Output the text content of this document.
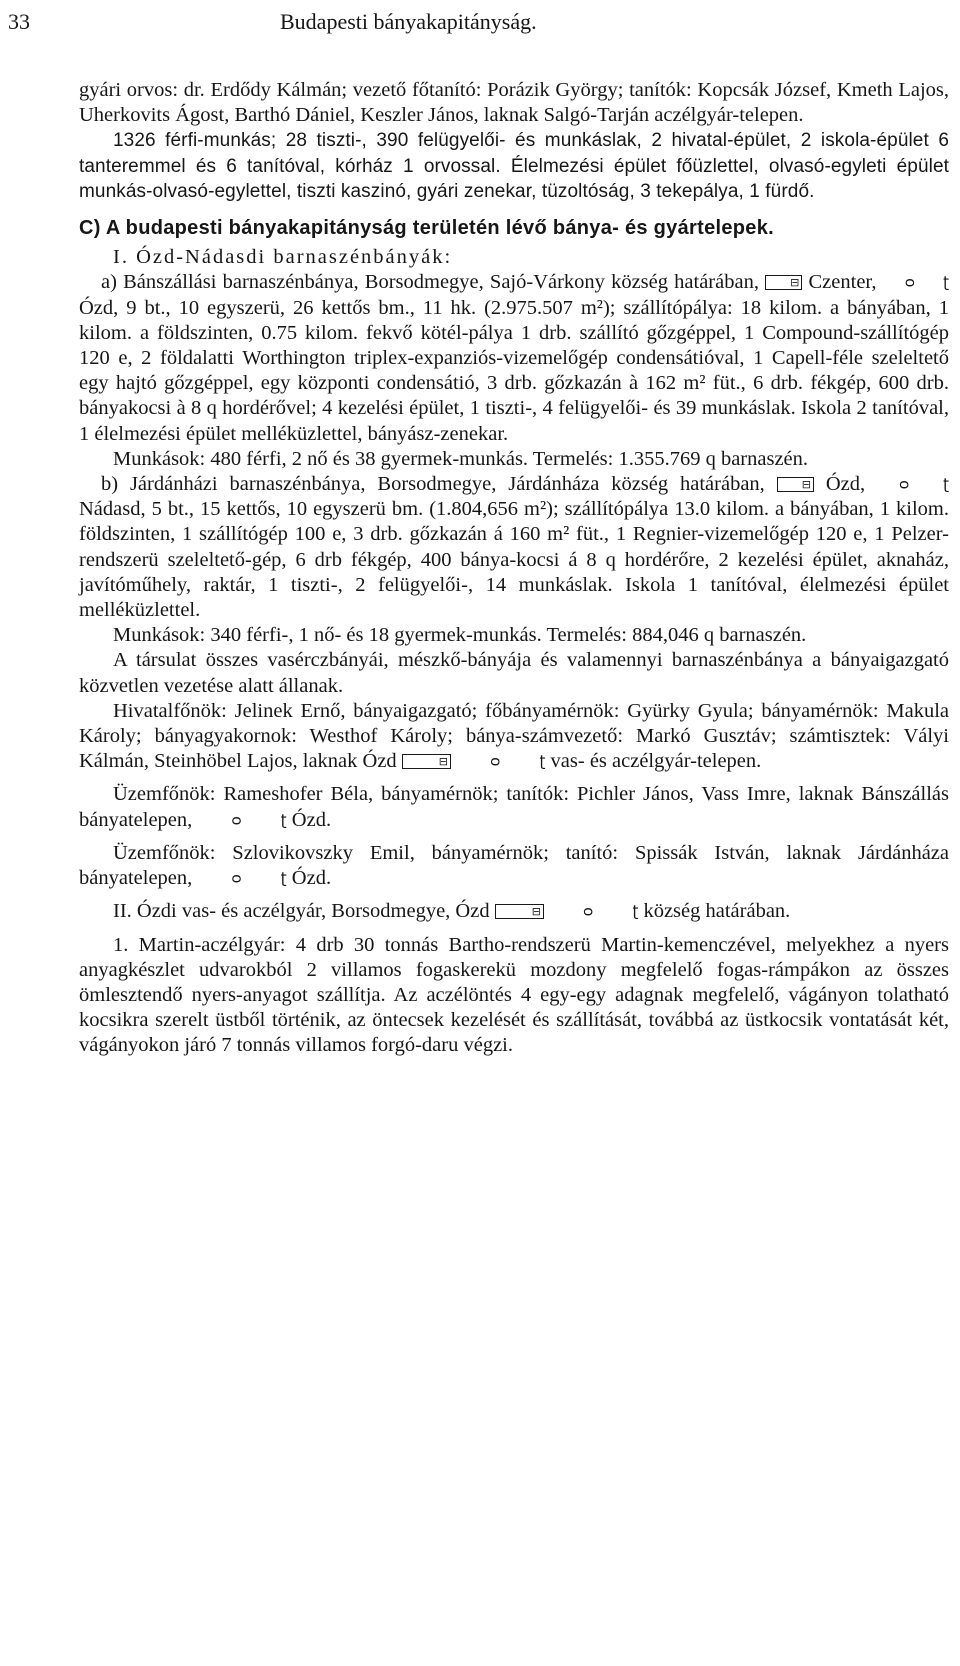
33	Budapesti bányakapitányság.

gyári orvos: dr. Erdődy Kálmán; vezető főtanító: Porázik György; tanítók: Kopcsák József, Kmeth Lajos, Uherkovits Ágost, Barthó Dániel, Keszler János, laknak Salgó-Tarján aczélgyár-telepen.

1326 férfi-munkás; 28 tiszti-, 390 felügyelői- és munkáslak, 2 hivatal-épület, 2 iskola-épület 6 tanteremmel és 6 tanítóval, kórház 1 orvossal. Élelmezési épület főüzlettel, olvasó-egyleti épület munkás-olvasó-egylettel, tiszti kaszinó, gyári zenekar, tüzoltóság, 3 tekepálya, 1 fürdő.

C) A budapesti bányakapitányság területén lévő bánya- és gyártelepek.

I. Ózd-Nádasdi barnaszénbányák:

a) Bánszállási barnaszénbánya, Borsodmegye, Sajó-Várkony község határában,	⊟ Czenter, ᴑ ʈ Ózd, 9 bt., 10 egyszerü, 26 kettős bm., 11 hk. (2.975.507 m²); szállítópálya: 18 kilom. a bányában, 1 kilom. a földszinten, 0.75 kilom. fekvő kötél-pálya 1 drb. szállító gőzgéppel, 1 Compound-szállítógép 120 e, 2 földalatti Worthington triplex-expanziós-vizemelőgép condensátióval, 1 Capell-féle szeleltető egy hajtó gőzgéppel, egy központi condensátió, 3 drb. gőzkazán à 162 m² füt., 6 drb. fékgép, 600 drb. bányakocsi à 8 q hordérővel; 4 kezelési épület, 1 tiszti-, 4 felügyelői- és 39 munkáslak. Iskola 2 tanítóval, 1 élelmezési épület melléküzlettel, bányász-zenekar.

Munkások: 480 férfi, 2 nő és 38 gyermek-munkás. Termelés: 1.355.769 q barnaszén.

b) Járdánházi barnaszénbánya, Borsodmegye, Járdánháza község határában,	⊟ Ózd, ᴑ ʈ Nádasd, 5 bt., 15 kettős, 10 egyszerü bm. (1.804,656 m²); szállítópálya 13.0 kilom. a bányában, 1 kilom. földszinten, 1 szállítógép 100 e, 3 drb. gőzkazán á 160 m² füt., 1 Regnier-vizemelőgép 120 e, 1 Pelzer-rendszerü szeleltető-gép, 6 drb fékgép, 400 bánya-kocsi á 8 q hordérőre, 2 kezelési épület, aknaház, javítóműhely, raktár, 1 tiszti-, 2 felügyelői-, 14 munkáslak. Iskola 1 tanítóval, élelmezési épület melléküzlettel.

Munkások: 340 férfi-, 1 nő- és 18 gyermek-munkás. Termelés: 884,046 q barnaszén.

A társulat összes vasérczbányái, mészkő-bányája és valamennyi barnaszénbánya a bányaigazgató közvetlen vezetése alatt állanak.

Hivatalfőnök: Jelinek Ernő, bányaigazgató; főbányamérnök: Gyürky Gyula; bányamérnök: Makula Károly; bányagyakornok: Westhof Károly; bánya-számvezető: Markó Gusztáv; számtisztek: Vályi Kálmán, Steinhöbel Lajos, laknak Ózd	⊟	ᴑ	ʈ vas- és aczélgyár-telepen.

Üzemfőnök: Rameshofer Béla, bányamérnök; tanítók: Pichler János, Vass Imre, laknak Bánszállás bányatelepen,	ᴑ	ʈ Ózd.

Üzemfőnök: Szlovikovszky Emil, bányamérnök; tanító: Spissák István, laknak Járdánháza bányatelepen,	ᴑ	ʈ Ózd.

II. Ózdi vas- és aczélgyár, Borsodmegye, Ózd	⊟	ᴑ	ʈ község határában.

1. Martin-aczélgyár: 4 drb 30 tonnás Bartho-rendszerü Martin-kemenczével, melyekhez a nyers anyagkészlet udvarokból 2 villamos fogaskerekü mozdony megfelelő fogas-rámpákon az összes ömlesztendő nyers-anyagot szállítja. Az aczélöntés 4 egy-egy adagnak megfelelő, vágányon tolatható kocsikra szerelt üstből történik, az öntecsek kezelését és szállítását, továbbá az üstkocsik vontatását két, vágányokon járó 7 tonnás villamos forgó-daru végzi.
